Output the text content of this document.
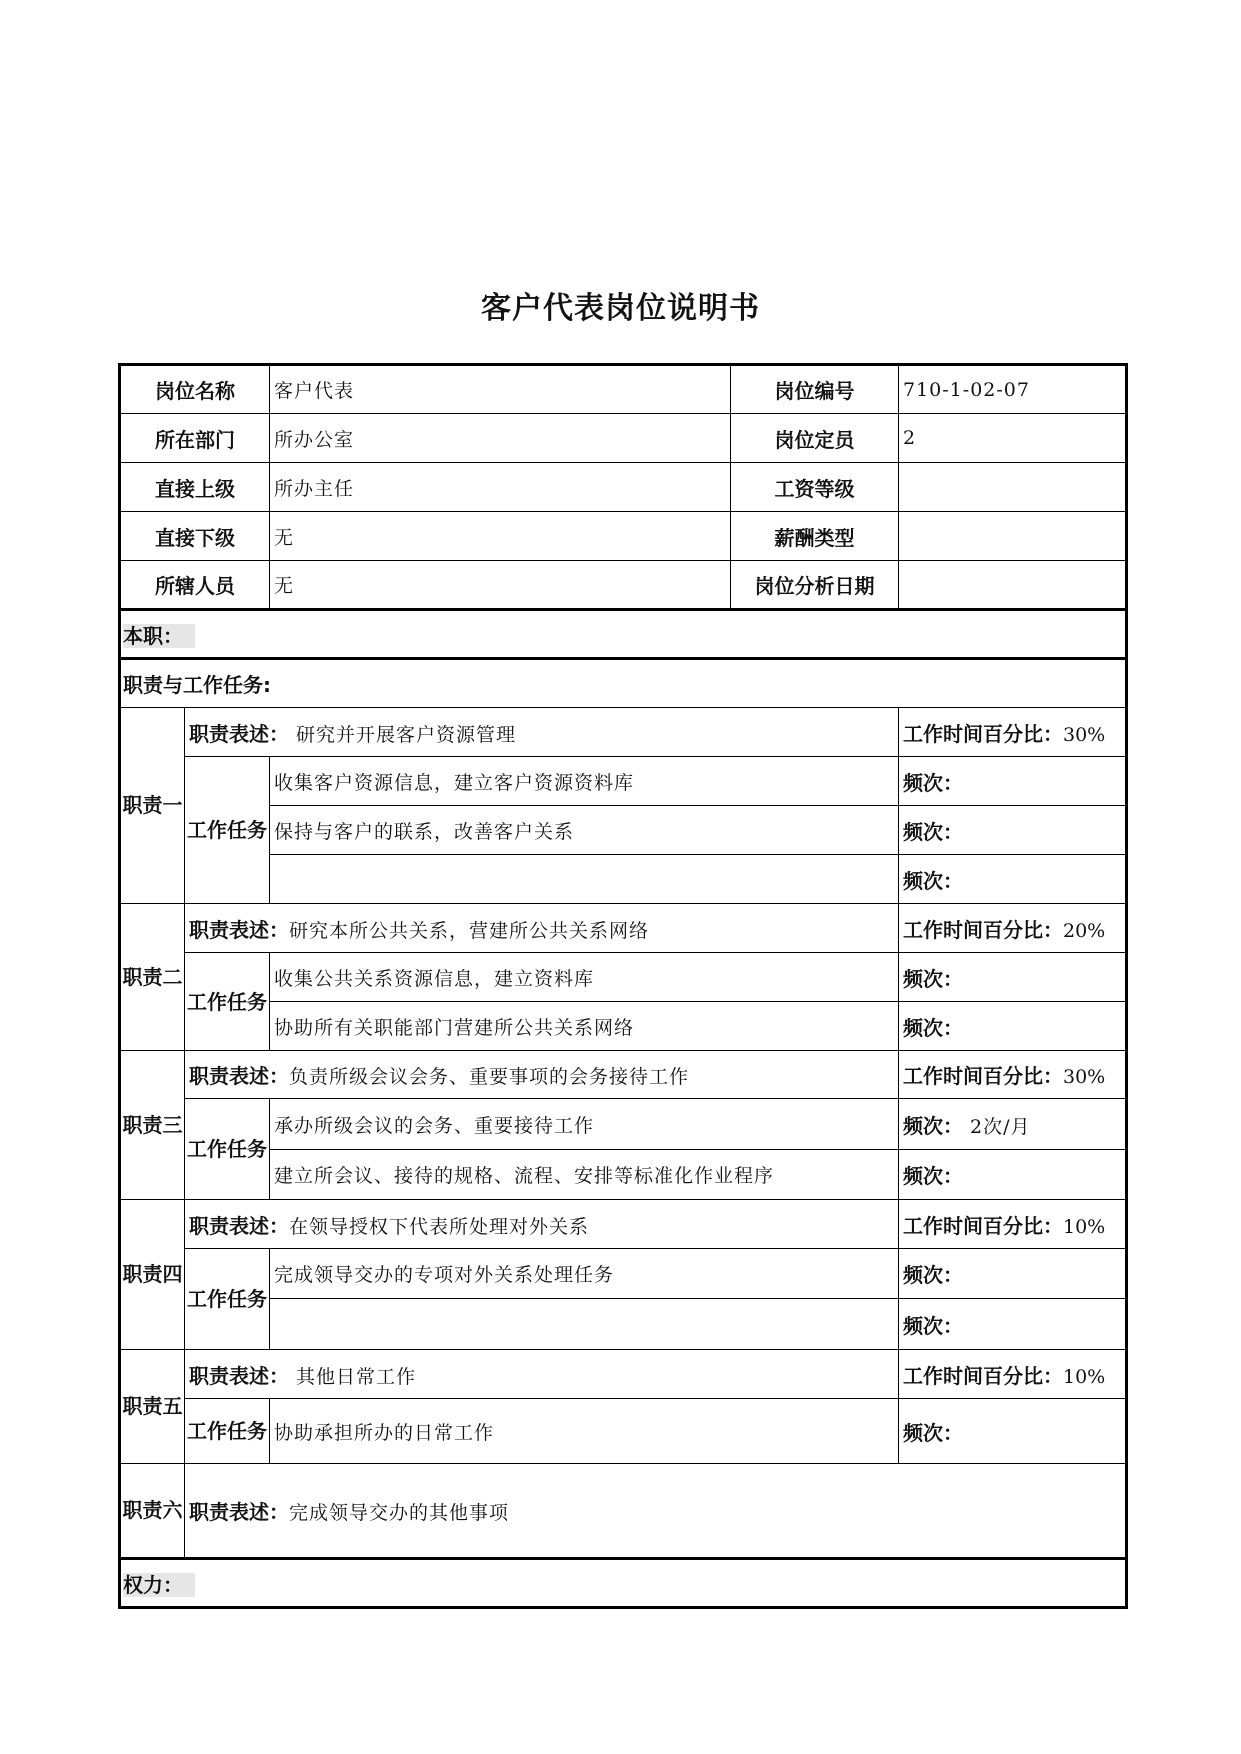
客户代表岗位说明书
岗位名称		客户代表	岗位编号	710-1-02-07
所在部门		所办公室	岗位定员	2
直接上级		所办主任	工资等级	
直接下级		无	薪酬类型	
所辖人员		无	岗位分析日期	
本职：				
职责与工作任务:				
职责一	职责表述： 研究并开展客户资源管理			工作时间百分比：30%
	工作任务	收集客户资源信息，建立客户资源资料库		频次：
		保持与客户的联系，改善客户关系		频次：
				频次：
职责二	职责表述：研究本所公共关系，营建所公共关系网络			工作时间百分比：20%
	工作任务	收集公共关系资源信息，建立资料库		频次：
		协助所有关职能部门营建所公共关系网络		频次：
职责三	职责表述：负责所级会议会务、重要事项的会务接待工作			工作时间百分比：30%
	工作任务	承办所级会议的会务、重要接待工作		频次： 2次/月
		建立所会议、接待的规格、流程、安排等标准化作业程序		频次：
职责四	职责表述：在领导授权下代表所处理对外关系			工作时间百分比：10%
	工作任务	完成领导交办的专项对外关系处理任务		频次：
				频次：
职责五	职责表述： 其他日常工作			工作时间百分比：10%
	工作任务	协助承担所办的日常工作		频次：
职责六	职责表述：完成领导交办的其他事项			
权力：				
